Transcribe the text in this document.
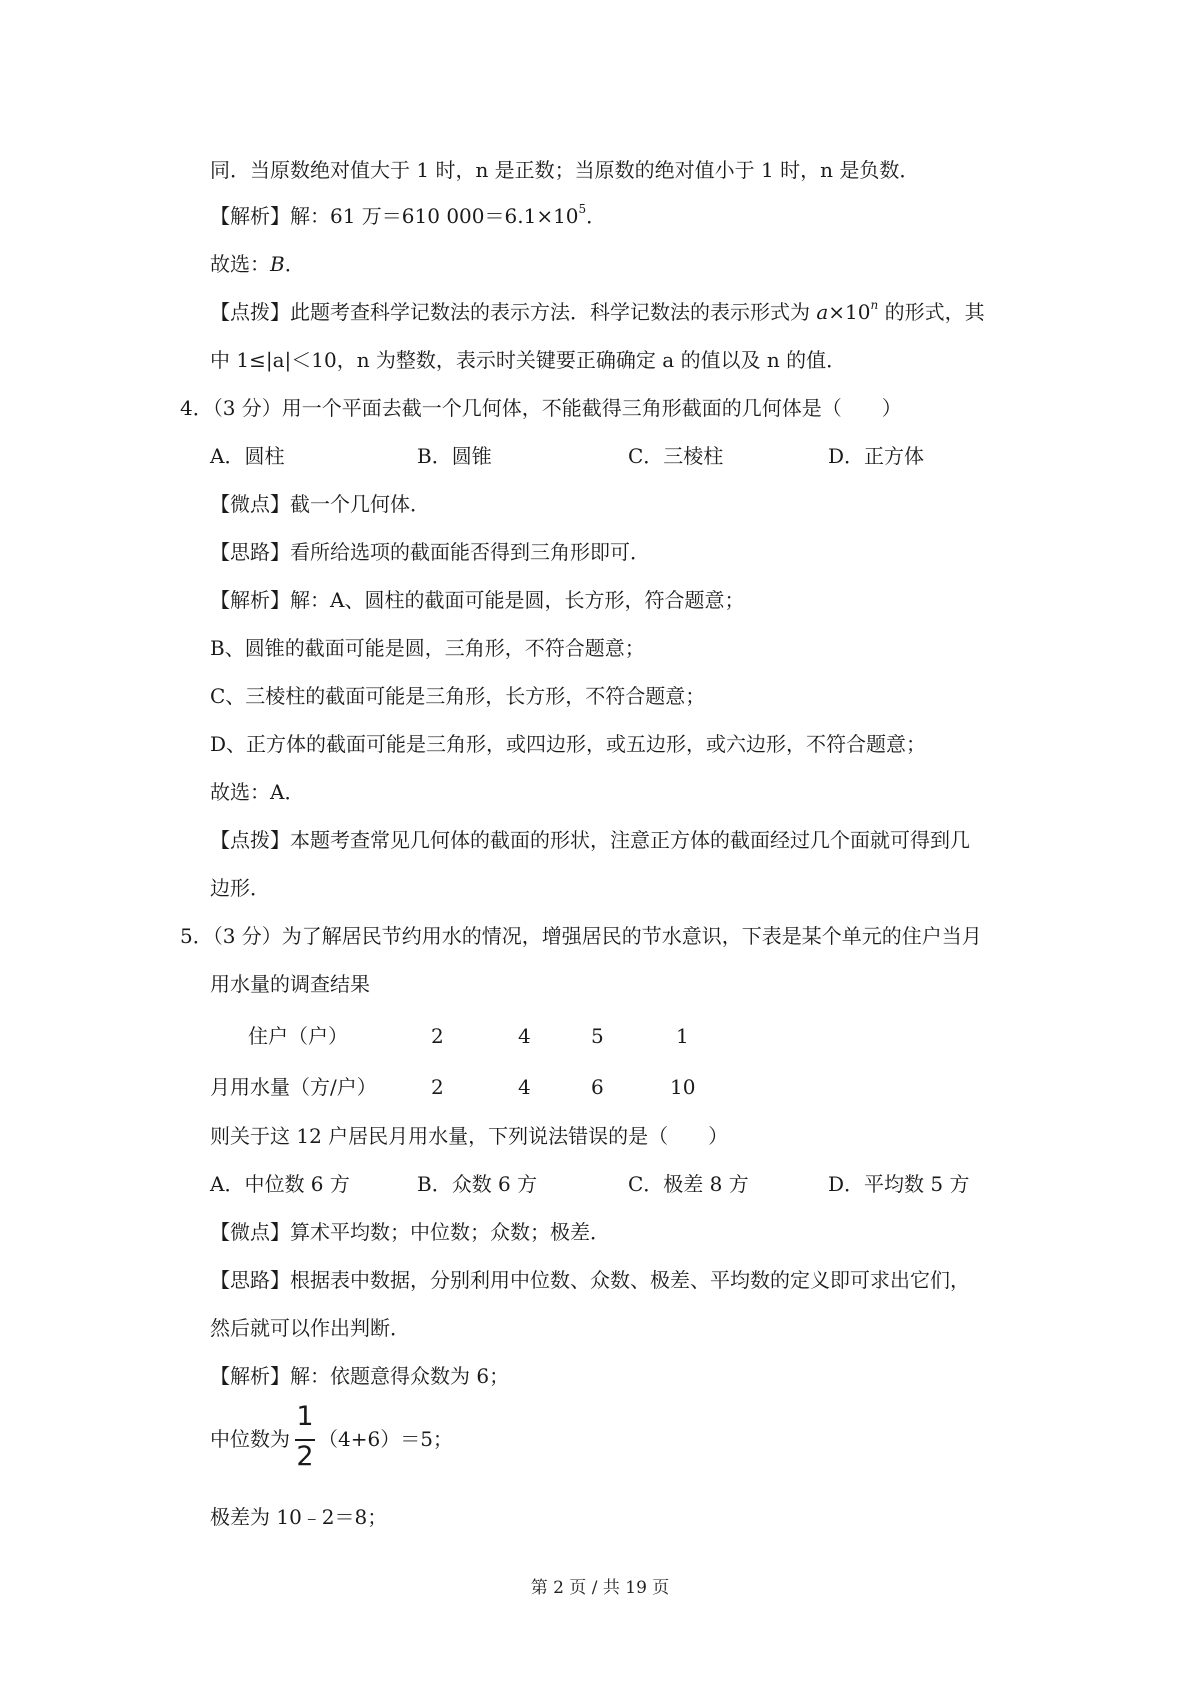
同．当原数绝对值大于 1 时，n 是正数；当原数的绝对值小于 1 时，n 是负数．
【解析】解：61 万＝610 $000=6.1\times 10^5$．
故选：B．
【点拨】此题考查科学记数法的表示方法．科学记数法的表示形式为 $a\times 10^n$ 的形式，其
中 1≤|a|＜10，n 为整数，表示时关键要正确确定 a 的值以及 n 的值．
4．（3 分）用一个平面去截一个几何体，不能截得三角形截面的几何体是（　　）
A．圆柱	B．圆锥	C．三棱柱	D．正方体
【微点】截一个几何体．
【思路】看所给选项的截面能否得到三角形即可．
【解析】解：A、圆柱的截面可能是圆，长方形，符合题意；
B、圆锥的截面可能是圆，三角形，不符合题意；
C、三棱柱的截面可能是三角形，长方形，不符合题意；
D、正方体的截面可能是三角形，或四边形，或五边形，或六边形，不符合题意；
故选：A．
【点拨】本题考查常见几何体的截面的形状，注意正方体的截面经过几个面就可得到几
边形．
5．（3 分）为了解居民节约用水的情况，增强居民的节水意识，下表是某个单元的住户当月
用水量的调查结果
住户（户）	2	4	5	1
月用水量（方/户）	2	4	6	10
则关于这 12 户居民月用水量，下列说法错误的是（　　）
A．中位数 6 方	B．众数 6 方	C．极差 8 方	D．平均数 5 方
【微点】算术平均数；中位数；众数；极差．
【思路】根据表中数据，分别利用中位数、众数、极差、平均数的定义即可求出它们，
然后就可以作出判断．
【解析】解：依题意得众数为 6；
中位数为
1
2
（4+6）＝5；
极差为 10﹣2＝8；
第 2 页 / 共 19 页
